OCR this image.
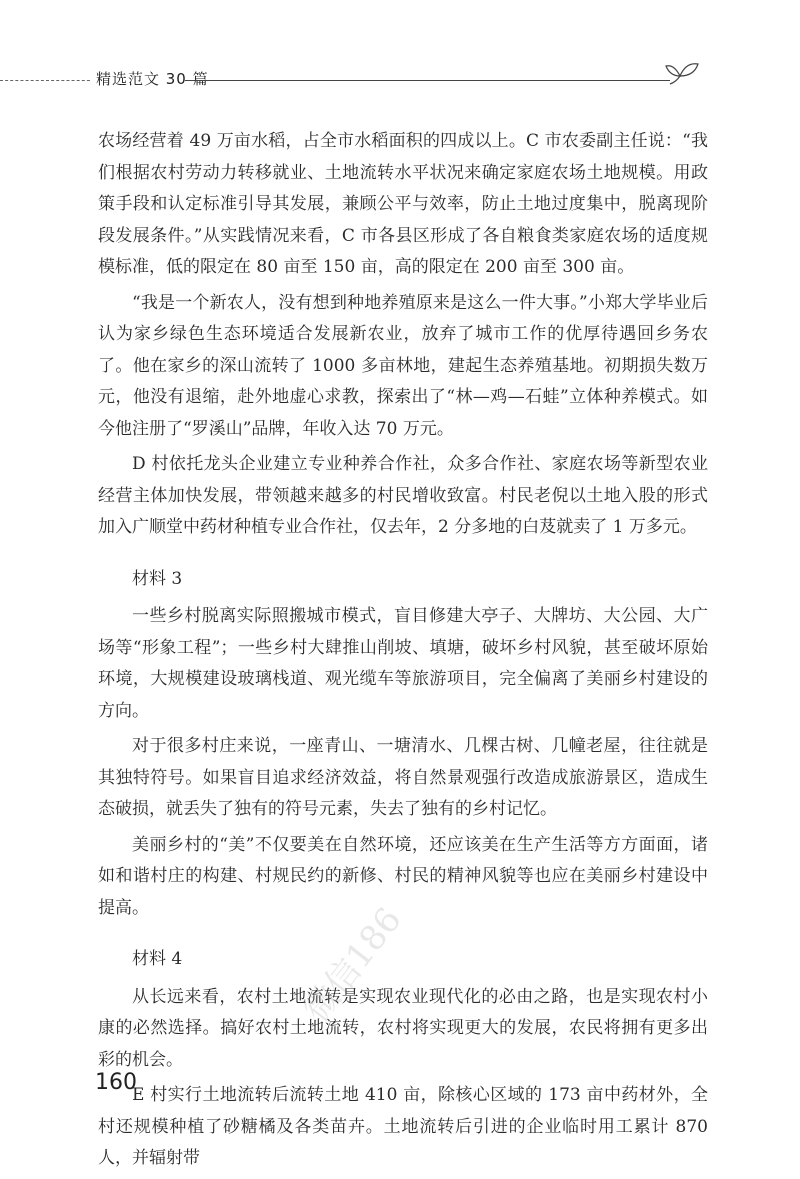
精选范文 30 篇

农场经营着 49 万亩水稻，占全市水稻面积的四成以上。C 市农委副主任说：“我们根据农村劳动力转移就业、土地流转水平状况来确定家庭农场土地规模。用政策手段和认定标准引导其发展，兼顾公平与效率，防止土地过度集中，脱离现阶段发展条件。”从实践情况来看，C 市各县区形成了各自粮食类家庭农场的适度规模标准，低的限定在 80 亩至 150 亩，高的限定在 200 亩至 300 亩。

“我是一个新农人，没有想到种地养殖原来是这么一件大事。”小郑大学毕业后认为家乡绿色生态环境适合发展新农业，放弃了城市工作的优厚待遇回乡务农了。他在家乡的深山流转了 1000 多亩林地，建起生态养殖基地。初期损失数万元，他没有退缩，赴外地虚心求教，探索出了“林—鸡—石蛙”立体种养模式。如今他注册了“罗溪山”品牌，年收入达 70 万元。

D 村依托龙头企业建立专业种养合作社，众多合作社、家庭农场等新型农业经营主体加快发展，带领越来越多的村民增收致富。村民老倪以土地入股的形式加入广顺堂中药材种植专业合作社，仅去年，2 分多地的白芨就卖了 1 万多元。

材料 3

一些乡村脱离实际照搬城市模式，盲目修建大亭子、大牌坊、大公园、大广场等“形象工程”；一些乡村大肆推山削坡、填塘，破坏乡村风貌，甚至破坏原始环境，大规模建设玻璃栈道、观光缆车等旅游项目，完全偏离了美丽乡村建设的方向。

对于很多村庄来说，一座青山、一塘清水、几棵古树、几幢老屋，往往就是其独特符号。如果盲目追求经济效益，将自然景观强行改造成旅游景区，造成生态破损，就丢失了独有的符号元素，失去了独有的乡村记忆。

美丽乡村的“美”不仅要美在自然环境，还应该美在生产生活等方方面面，诸如和谐村庄的构建、村规民约的新修、村民的精神风貌等也应在美丽乡村建设中提高。

材料 4

从长远来看，农村土地流转是实现农业现代化的必由之路，也是实现农村小康的必然选择。搞好农村土地流转，农村将实现更大的发展，农民将拥有更多出彩的机会。

E 村实行土地流转后流转土地 410 亩，除核心区域的 173 亩中药材外，全村还规模种植了砂糖橘及各类苗卉。土地流转后引进的企业临时用工累计 870 人，并辐射带

160
微信186
